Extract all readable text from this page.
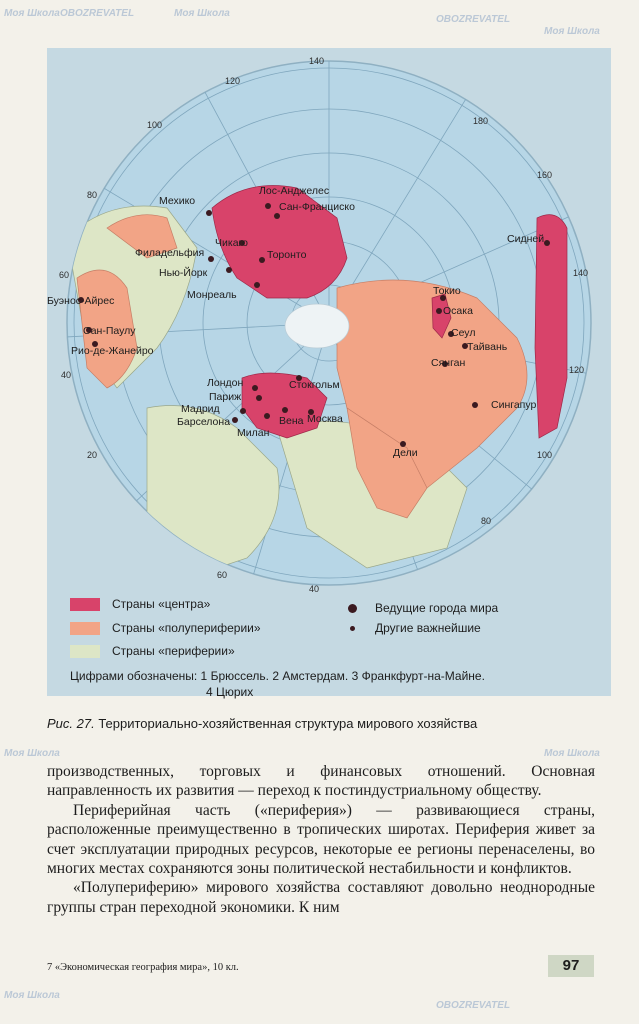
140
120
100
80
60
40
20
180
160
140
120
100
80
60
40
Лос-Анджелес
Сан-Франциско
Мехико
Чикаго
Филадельфия	Торонто
Нью-Йорк
Монреаль
Буэнос-Айрес
Сан-Паулу
Рио-де-Жанейро
Сидней
Токио
Осака
Сеул
Тайвань
Сянган
Сингапур
Лондон
Париж
Стокгольм
Мадрид
Барселона
Милан
Вена Москва
Дели
Страны «центра»
Страны «полупериферии»
Страны «периферии»
Ведущие города мира
Другие важнейшие
Цифрами обозначены: 1 Брюссель. 2 Амстердам. 3 Франкфурт-на-Майне.
4 Цюрих
Рис. 27. Территориально-хозяйственная структура мирового хозяйства

производственных, торговых и финансовых отношений. Основная направленность их развития — переход к постиндустриальному обществу.

Периферийная часть («периферия») — развивающиеся страны, расположенные преимущественно в тропических широтах. Периферия живет за счет эксплуатации природных ресурсов, некоторые ее регионы перенаселены, во многих местах сохраняются зоны политической нестабильности и конфликтов.

«Полупериферию» мирового хозяйства составляют довольно неоднородные группы стран переходной экономики. К ним

7 «Экономическая география мира», 10 кл.	97
Моя Школа OBOZREVATEL	Моя Школа
OBOZREVATEL
Моя Школа
Моя Школа	Моя Школа
Моя Школа
OBOZREVATEL
